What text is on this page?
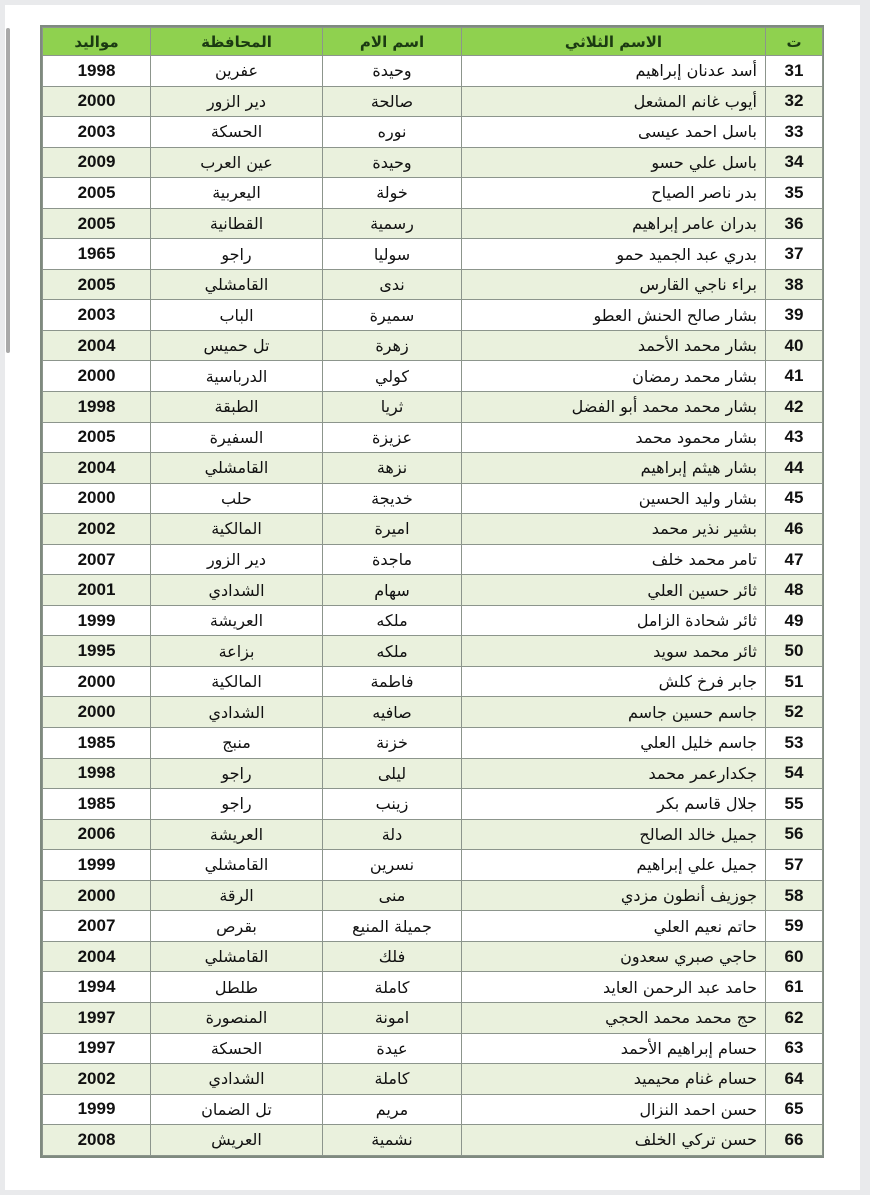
ت	الاسم الثلاثي	اسم الام	المحافظة	مواليد
31	أسد عدنان إبراهيم	وحيدة	عفرين	1998
32	أيوب غانم المشعل	صالحة	دير الزور	2000
33	باسل احمد عيسى	نوره	الحسكة	2003
34	باسل علي حسو	وحيدة	عين العرب	2009
35	بدر ناصر الصياح	خولة	اليعربية	2005
36	بدران عامر إبراهيم	رسمية	القطانية	2005
37	بدري عبد الجميد حمو	سوليا	راجو	1965
38	براء ناجي القارس	ندى	القامشلي	2005
39	بشار صالح الحنش العطو	سميرة	الباب	2003
40	بشار محمد الأحمد	زهرة	تل حميس	2004
41	بشار محمد رمضان	كولي	الدرباسية	2000
42	بشار محمد محمد أبو الفضل	ثريا	الطبقة	1998
43	بشار محمود محمد	عزيزة	السفيرة	2005
44	بشار هيثم إبراهيم	نزهة	القامشلي	2004
45	بشار وليد الحسين	خديجة	حلب	2000
46	بشير نذير محمد	اميرة	المالكية	2002
47	تامر محمد خلف	ماجدة	دير الزور	2007
48	ثائر حسين العلي	سهام	الشدادي	2001
49	ثائر شحادة الزامل	ملكه	العريشة	1999
50	ثائر محمد سويد	ملكه	بزاعة	1995
51	جابر فرخ كلش	فاطمة	المالكية	2000
52	جاسم حسين جاسم	صافيه	الشدادي	2000
53	جاسم خليل العلي	خزنة	منبج	1985
54	جكدارعمر محمد	ليلى	راجو	1998
55	جلال قاسم بكر	زينب	راجو	1985
56	جميل خالد الصالح	دلة	العريشة	2006
57	جميل علي إبراهيم	نسرين	القامشلي	1999
58	جوزيف أنطون مزدي	منى	الرقة	2000
59	حاتم نعيم العلي	جميلة المنيع	بقرص	2007
60	حاجي صبري سعدون	فلك	القامشلي	2004
61	حامد عبد الرحمن العايد	كاملة	طلطل	1994
62	حج محمد محمد الحجي	امونة	المنصورة	1997
63	حسام إبراهيم الأحمد	عيدة	الحسكة	1997
64	حسام غنام محيميد	كاملة	الشدادي	2002
65	حسن احمد النزال	مريم	تل الضمان	1999
66	حسن تركي الخلف	نشمية	العريش	2008
